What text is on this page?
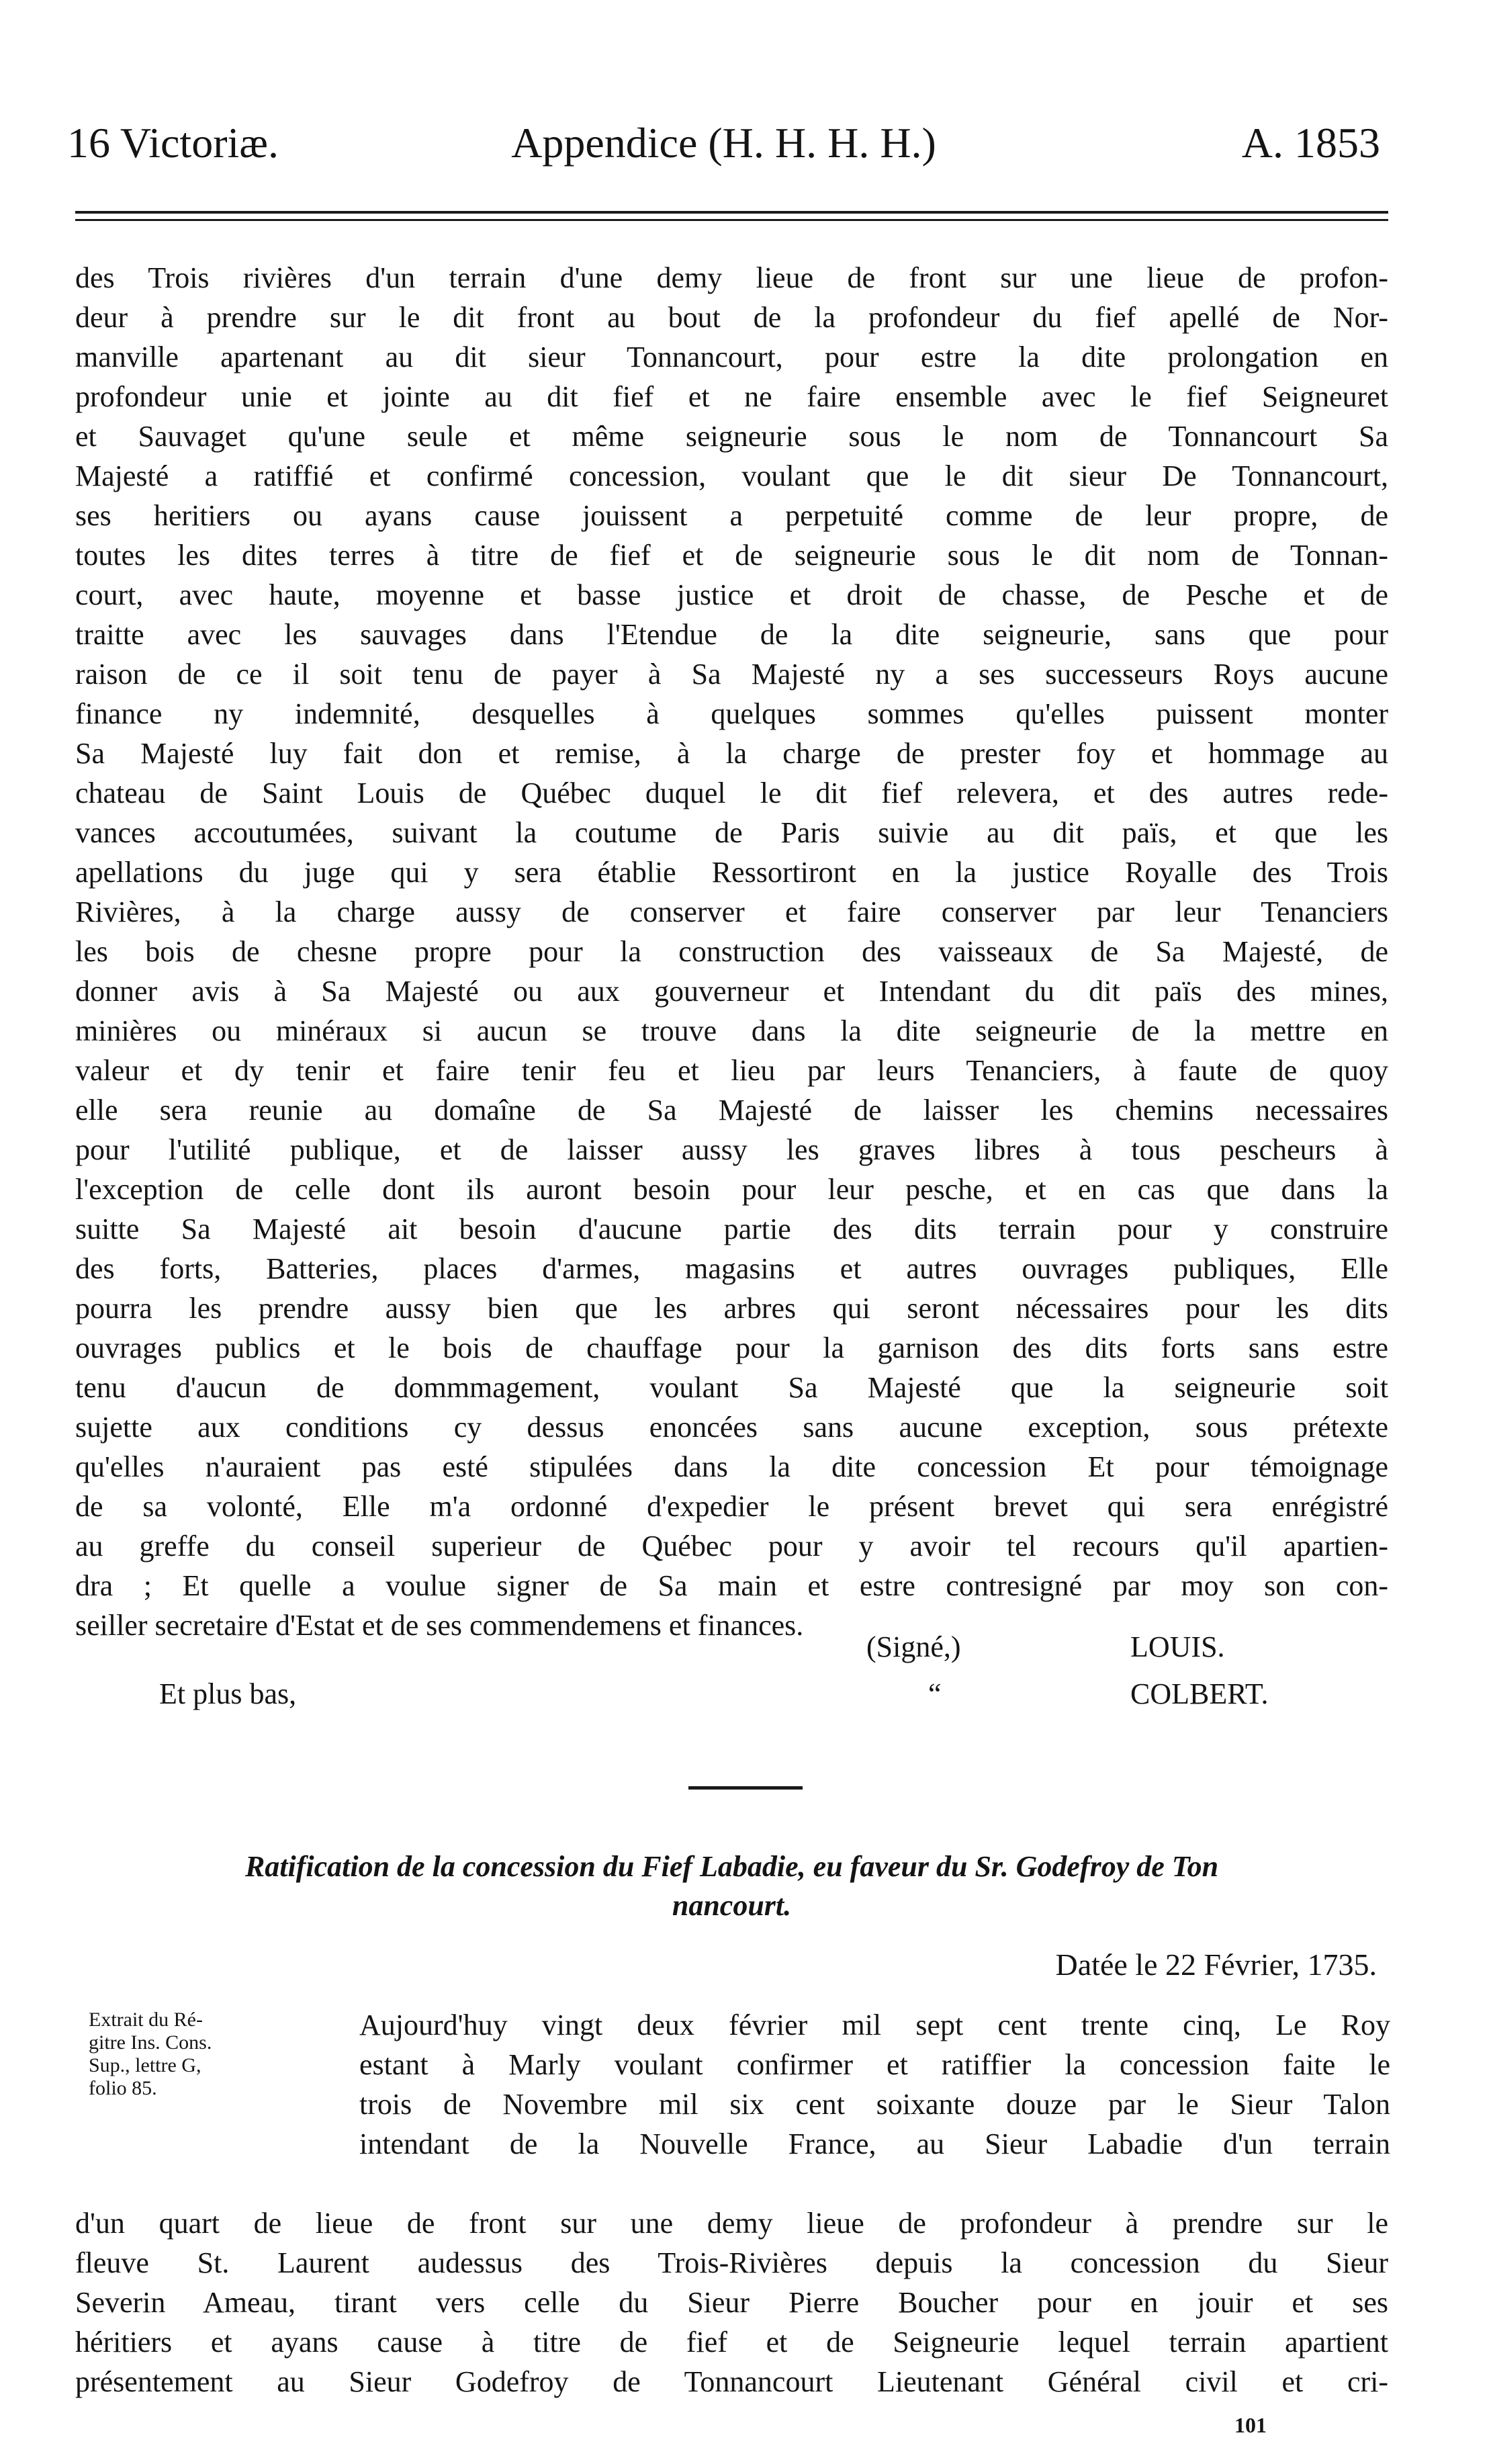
16 Victoriæ.	Appendice (H. H. H. H.)	A. 1853
des Trois rivières d'un terrain d'une demy lieue de front sur une lieue de profon-
deur à prendre sur le dit front au bout de la profondeur du fief apellé de Nor-
manville apartenant au dit sieur Tonnancourt, pour estre la dite prolongation en
profondeur unie et jointe au dit fief et ne faire ensemble avec le fief Seigneuret
et Sauvaget qu'une seule et même seigneurie sous le nom de Tonnancourt Sa
Majesté a ratiffié et confirmé concession, voulant que le dit sieur De Tonnancourt,
ses heritiers ou ayans cause jouissent a perpetuité comme de leur propre, de
toutes les dites terres à titre de fief et de seigneurie sous le dit nom de Tonnan-
court, avec haute, moyenne et basse justice et droit de chasse, de Pesche et de
traitte avec les sauvages dans l'Etendue de la dite seigneurie, sans que pour
raison de ce il soit tenu de payer à Sa Majesté ny a ses successeurs Roys aucune
finance ny indemnité, desquelles à quelques sommes qu'elles puissent monter
Sa Majesté luy fait don et remise, à la charge de prester foy et hommage au
chateau de Saint Louis de Québec duquel le dit fief relevera, et des autres rede-
vances accoutumées, suivant la coutume de Paris suivie au dit païs, et que les
apellations du juge qui y sera établie Ressortiront en la justice Royalle des Trois
Rivières, à la charge aussy de conserver et faire conserver par leur Tenanciers
les bois de chesne propre pour la construction des vaisseaux de Sa Majesté, de
donner avis à Sa Majesté ou aux gouverneur et Intendant du dit païs des mines,
minières ou minéraux si aucun se trouve dans la dite seigneurie de la mettre en
valeur et dy tenir et faire tenir feu et lieu par leurs Tenanciers, à faute de quoy
elle sera reunie au domaîne de Sa Majesté de laisser les chemins necessaires
pour l'utilité publique, et de laisser aussy les graves libres à tous pescheurs à
l'exception de celle dont ils auront besoin pour leur pesche, et en cas que dans la
suitte Sa Majesté ait besoin d'aucune partie des dits terrain pour y construire
des forts, Batteries, places d'armes, magasins et autres ouvrages publiques, Elle
pourra les prendre aussy bien que les arbres qui seront nécessaires pour les dits
ouvrages publics et le bois de chauffage pour la garnison des dits forts sans estre
tenu d'aucun de dommmagement, voulant Sa Majesté que la seigneurie soit
sujette aux conditions cy dessus enoncées sans aucune exception, sous prétexte
qu'elles n'auraient pas esté stipulées dans la dite concession Et pour témoignage
de sa volonté, Elle m'a ordonné d'expedier le présent brevet qui sera enrégistré
au greffe du conseil superieur de Québec pour y avoir tel recours qu'il apartien-
dra ; Et quelle a voulue signer de Sa main et estre contresigné par moy son con-
seiller secretaire d'Estat et de ses commendemens et finances.
(Signé,)	LOUIS.
Et plus bas,	“	COLBERT.
Ratification de la concession du Fief Labadie, eu faveur du Sr. Godefroy de Ton
nancourt.
Datée le 22 Février, 1735.
Extrait du Ré-
gitre Ins. Cons.
Sup., lettre G,
folio 85.
Aujourd'huy vingt deux février mil sept cent trente cinq, Le Roy
estant à Marly voulant confirmer et ratiffier la concession faite le
trois de Novembre mil six cent soixante douze par le Sieur Talon
intendant de la Nouvelle France, au Sieur Labadie d'un terrain
d'un quart de lieue de front sur une demy lieue de profondeur à prendre sur le
fleuve St. Laurent audessus des Trois-Rivières depuis la concession du Sieur
Severin Ameau, tirant vers celle du Sieur Pierre Boucher pour en jouir et ses
héritiers et ayans cause à titre de fief et de Seigneurie lequel terrain apartient
présentement au Sieur Godefroy de Tonnancourt Lieutenant Général civil et cri-
101
